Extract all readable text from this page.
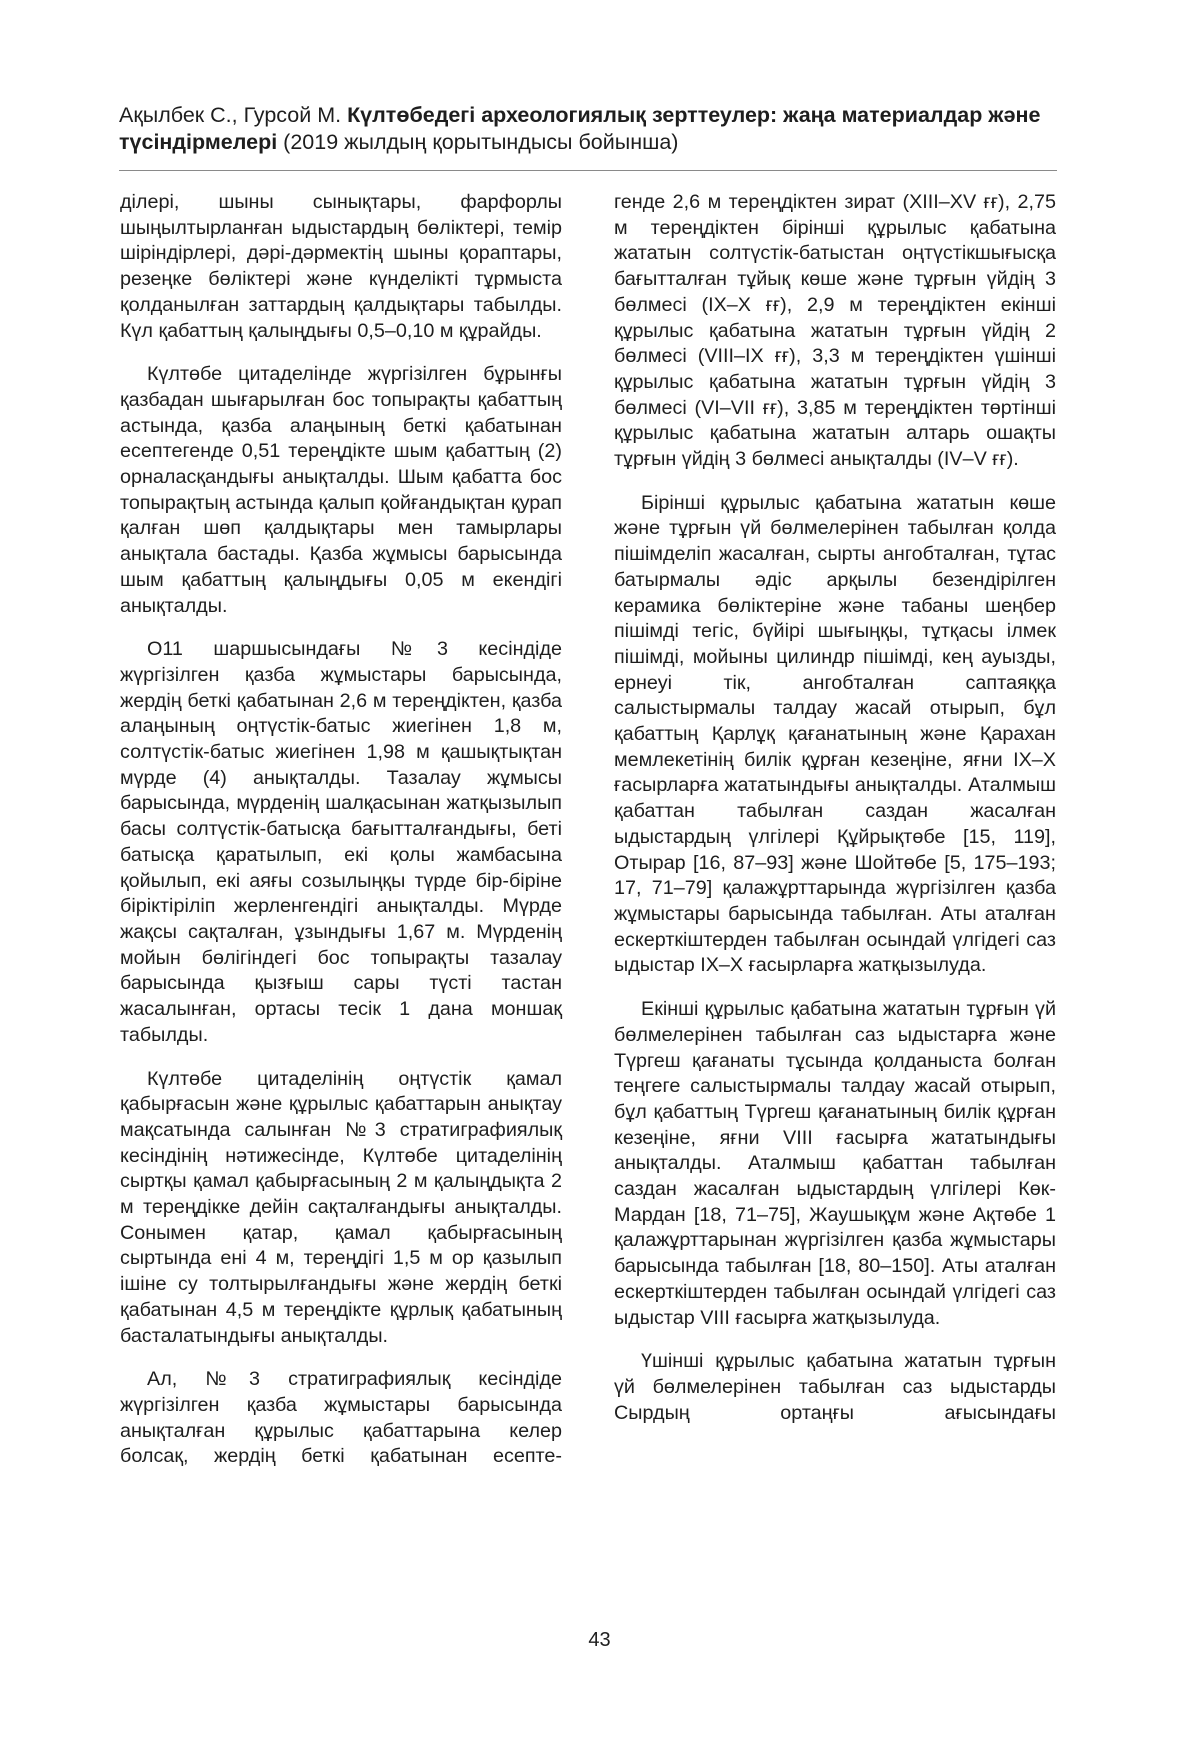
Ақылбек С., Гурсой М. Күлтөбедегі археологиялық зерттеулер: жаңа материалдар және түсіндірмелері (2019 жылдың қорытындысы бойынша)

ділері, шыны сынықтары, фарфорлы шыңылтырланған ыдыстардың бөліктері, темір шіріндірлері, дәрі-дәрмектің шыны қораптары, резеңке бөліктері және күнделікті тұрмыста қолданылған заттардың қалдықтары табылды. Күл қабаттың қалыңдығы 0,5–0,10 м құрайды.

Күлтөбе цитаделінде жүргізілген бұрынғы қазбадан шығарылған бос топырақты қабаттың астында, қазба алаңының беткі қабатынан есептегенде 0,51 тереңдікте шым қабаттың (2) орналасқандығы анықталды. Шым қабатта бос топырақтың астында қалып қойғандықтан қурап қалған шөп қалдықтары мен тамырлары анықтала бастады. Қазба жұмысы барысында шым қабаттың қалыңдығы 0,05 м екендігі анықталды.

О11 шаршысындағы №3 кесіндіде жүргізілген қазба жұмыстары барысында, жердің беткі қабатынан 2,6 м тереңдіктен, қазба алаңының оңтүстік-батыс жиегінен 1,8 м, солтүстік-батыс жиегінен 1,98 м қашықтықтан мүрде (4) анықталды. Тазалау жұмысы барысында, мүрденің шалқасынан жатқызылып басы солтүстік-батысқа бағытталғандығы, беті батысқа қаратылып, екі қолы жамбасына қойылып, екі аяғы созылыңқы түрде бір-біріне біріктіріліп жерленгендігі анықталды. Мүрде жақсы сақталған, ұзындығы 1,67 м. Мүрденің мойын бөлігіндегі бос топырақты тазалау барысында қызғыш сары түсті тастан жасалынған, ортасы тесік 1 дана моншақ табылды.

Күлтөбе цитаделінің оңтүстік қамал қабырғасын және құрылыс қабаттарын анықтау мақсатында салынған №3 стратиграфиялық кесіндінің нәтижесінде, Күлтөбе цитаделінің сыртқы қамал қабырғасының 2 м қалыңдықта 2 м тереңдікке дейін сақталғандығы анықталды. Сонымен қатар, қамал қабырғасының сыртында ені 4 м, тереңдігі 1,5 м ор қазылып ішіне су толтырылғандығы және жердің беткі қабатынан 4,5 м тереңдікте құрлық қабатының басталатындығы анықталды.

Ал, №3 стратиграфиялық кесіндіде жүргізілген қазба жұмыстары барысында анықталған құрылыс қабаттарына келер болсақ, жердің беткі қабатынан есепте-

генде 2,6 м тереңдіктен зират (XIII–XV ғғ), 2,75 м тереңдіктен бірінші құрылыс қабатына жататын солтүстік-батыстан оңтүстікшығысқа бағытталған тұйық көше және тұрғын үйдің 3 бөлмесі (IX–X ғғ), 2,9 м тереңдіктен екінші құрылыс қабатына жататын тұрғын үйдің 2 бөлмесі (VIII–IX ғғ), 3,3 м тереңдіктен үшінші құрылыс қабатына жататын тұрғын үйдің 3 бөлмесі (VI–VII ғғ), 3,85 м тереңдіктен төртінші құрылыс қабатына жататын алтарь ошақты тұрғын үйдің 3 бөлмесі анықталды (IV–V ғғ).

Бірінші құрылыс қабатына жататын көше және тұрғын үй бөлмелерінен табылған қолда пішімделіп жасалған, сырты ангобталған, тұтас батырмалы әдіс арқылы безендірілген керамика бөліктеріне және табаны шеңбер пішімді тегіс, бүйірі шығыңқы, тұтқасы ілмек пішімді, мойыны цилиндр пішімді, кең ауызды, ернеуі тік, ангобталған саптаяққа салыстырмалы талдау жасай отырып, бұл қабаттың Қарлұқ қағанатының және Қарахан мемлекетінің билік құрған кезеңіне, яғни IX–X ғасырларға жататындығы анықталды. Аталмыш қабаттан табылған саздан жасалған ыдыстардың үлгілері Құйрықтөбе [15, 119], Отырар [16, 87–93] және Шойтөбе [5, 175–193; 17, 71–79] қалажұрттарында жүргізілген қазба жұмыстары барысында табылған. Аты аталған ескерткіштерден табылған осындай үлгідегі саз ыдыстар IX–X ғасырларға жатқызылуда.

Екінші құрылыс қабатына жататын тұрғын үй бөлмелерінен табылған саз ыдыстарға және Түргеш қағанаты тұсында қолданыста болған теңгеге салыстырмалы талдау жасай отырып, бұл қабаттың Түргеш қағанатының билік құрған кезеңіне, яғни VIII ғасырға жататындығы анықталды. Аталмыш қабаттан табылған саздан жасалған ыдыстардың үлгілері Көк-Мардан [18, 71–75], Жаушықұм және Ақтөбе 1 қалажұрттарынан жүргізілген қазба жұмыстары барысында табылған [18, 80–150]. Аты аталған ескерткіштерден табылған осындай үлгідегі саз ыдыстар VIII ғасырға жатқызылуда.

Үшінші құрылыс қабатына жататын тұрғын үй бөлмелерінен табылған саз ыдыстарды Сырдың ортаңғы ағысындағы

43
